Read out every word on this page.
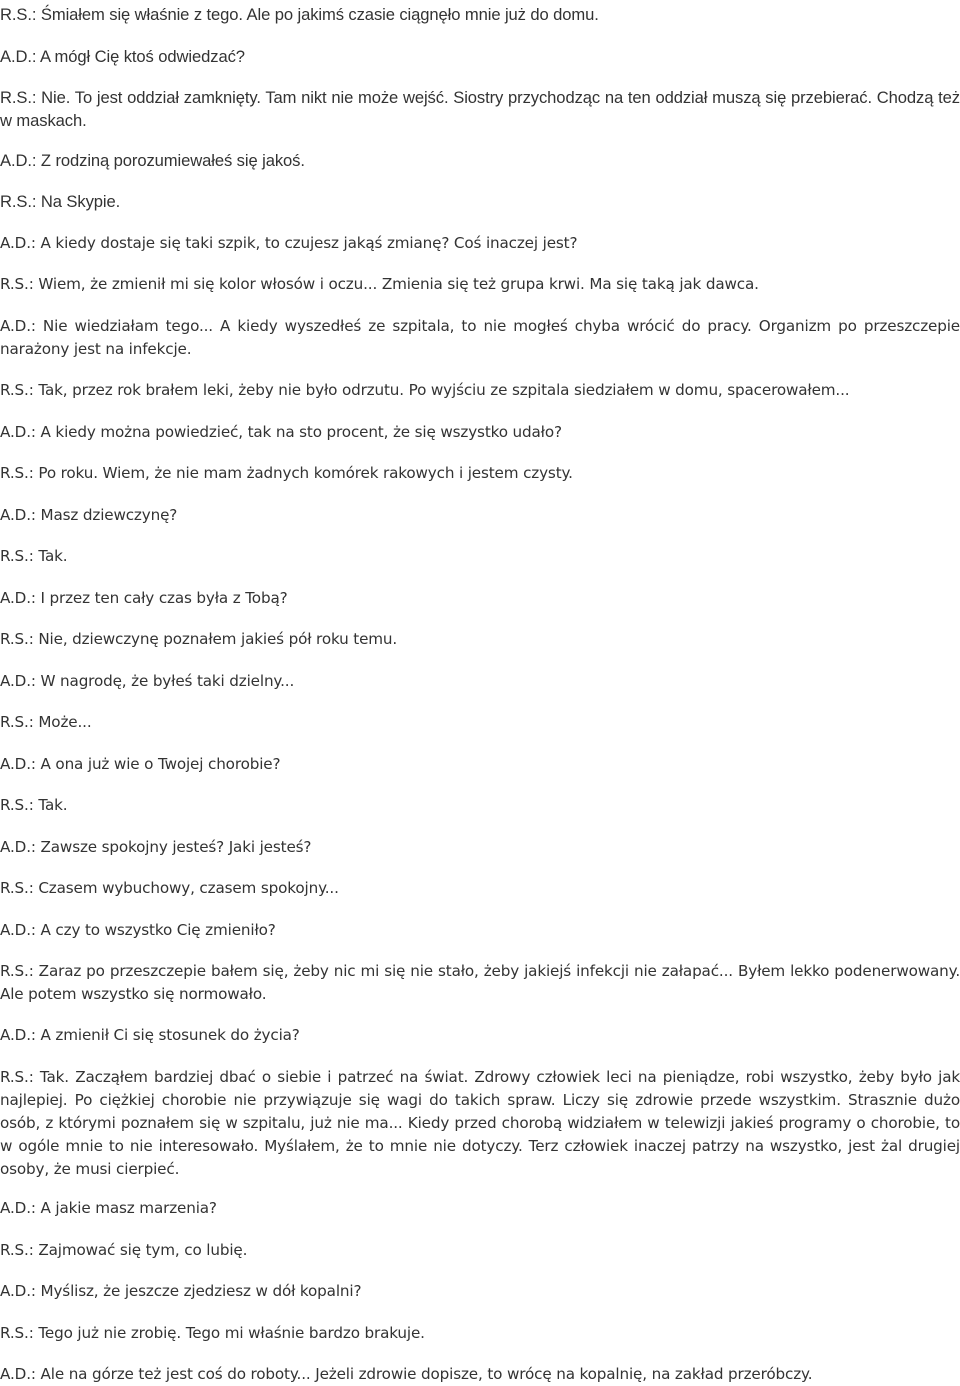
R.S.: Śmiałem się właśnie z tego. Ale po jakimś czasie ciągnęło mnie już do domu.

A.D.: A mógł Cię ktoś odwiedzać?

R.S.: Nie. To jest oddział zamknięty. Tam nikt nie może wejść. Siostry przychodząc na ten oddział muszą się przebierać. Chodzą też w maskach.

A.D.: Z rodziną porozumiewałeś się jakoś.

R.S.: Na Skypie.

A.D.: A kiedy dostaje się taki szpik, to czujesz jakąś zmianę? Coś inaczej jest?

R.S.: Wiem, że zmienił mi się kolor włosów i oczu... Zmienia się też grupa krwi. Ma się taką jak dawca.

A.D.: Nie wiedziałam tego... A kiedy wyszedłeś ze szpitala, to nie mogłeś chyba wrócić do pracy. Organizm po przeszczepie narażony jest na infekcje.

R.S.: Tak, przez rok brałem leki, żeby nie było odrzutu. Po wyjściu ze szpitala siedziałem w domu, spacerowałem...

A.D.: A kiedy można powiedzieć, tak na sto procent, że się wszystko udało?

R.S.: Po roku. Wiem, że nie mam żadnych komórek rakowych i jestem czysty.

A.D.: Masz dziewczynę?

R.S.: Tak.

A.D.: I przez ten cały czas była z Tobą?

R.S.: Nie, dziewczynę poznałem jakieś pół roku temu.

A.D.: W nagrodę, że byłeś taki dzielny...

R.S.: Może...

A.D.: A ona już wie o Twojej chorobie?

R.S.: Tak.

A.D.: Zawsze spokojny jesteś? Jaki jesteś?

R.S.: Czasem wybuchowy, czasem spokojny...

A.D.: A czy to wszystko Cię zmieniło?

R.S.: Zaraz po przeszczepie bałem się, żeby nic mi się nie stało, żeby jakiejś infekcji nie załapać... Byłem lekko podenerwowany. Ale potem wszystko się normowało.

A.D.: A zmienił Ci się stosunek do życia?

R.S.: Tak. Zacząłem bardziej dbać o siebie i patrzeć na świat. Zdrowy człowiek leci na pieniądze, robi wszystko, żeby było jak najlepiej. Po ciężkiej chorobie nie przywiązuje się wagi do takich spraw. Liczy się zdrowie przede wszystkim. Strasznie dużo osób, z którymi poznałem się w szpitalu, już nie ma... Kiedy przed chorobą widziałem w telewizji jakieś programy o chorobie, to w ogóle mnie to nie interesowało. Myślałem, że to mnie nie dotyczy. Terz człowiek inaczej patrzy na wszystko, jest żal drugiej osoby, że musi cierpieć.

A.D.: A jakie masz marzenia?

R.S.: Zajmować się tym, co lubię.

A.D.: Myślisz, że jeszcze zjedziesz w dół kopalni?

R.S.: Tego już nie zrobię. Tego mi właśnie bardzo brakuje.

A.D.: Ale na górze też jest coś do roboty... Jeżeli zdrowie dopisze, to wrócę na kopalnię, na zakład przeróbczy.
